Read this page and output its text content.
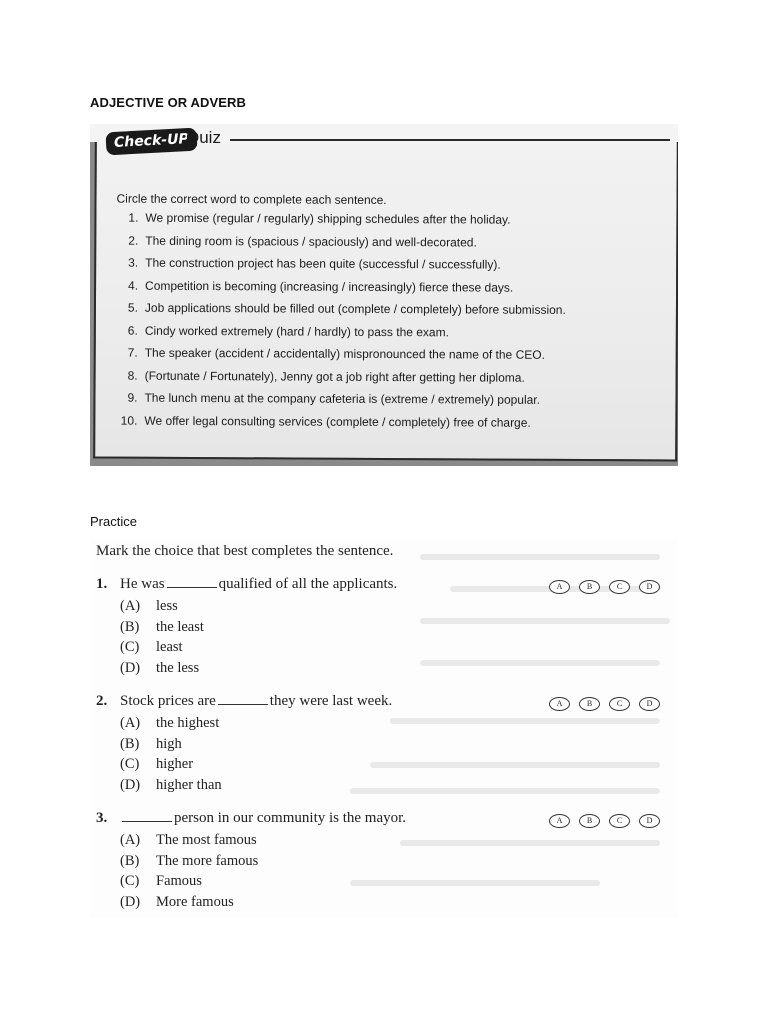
ADJECTIVE OR ADVERB
Circle the correct word to complete each sentence.
1. We promise (regular / regularly) shipping schedules after the holiday.
2. The dining room is (spacious / spaciously) and well-decorated.
3. The construction project has been quite (successful / successfully).
4. Competition is becoming (increasing / increasingly) fierce these days.
5. Job applications should be filled out (complete / completely) before submission.
6. Cindy worked extremely (hard / hardly) to pass the exam.
7. The speaker (accident / accidentally) mispronounced the name of the CEO.
8. (Fortunate / Fortunately), Jenny got a job right after getting her diploma.
9. The lunch menu at the company cafeteria is (extreme / extremely) popular.
10. We offer legal consulting services (complete / completely) free of charge.
Check-UP
Quiz
Practice
Mark the choice that best completes the sentence.
1. He was	qualified of all the applicants.	A	B	C	D
(A) less
(B) the least
(C) least
(D) the less
2. Stock prices are	they were last week.	A	B	C	D
(A) the highest
(B) high
(C) higher
(D) higher than
3.	person in our community is the mayor.	A	B	C	D
(A) The most famous
(B) The more famous
(C) Famous
(D) More famous
